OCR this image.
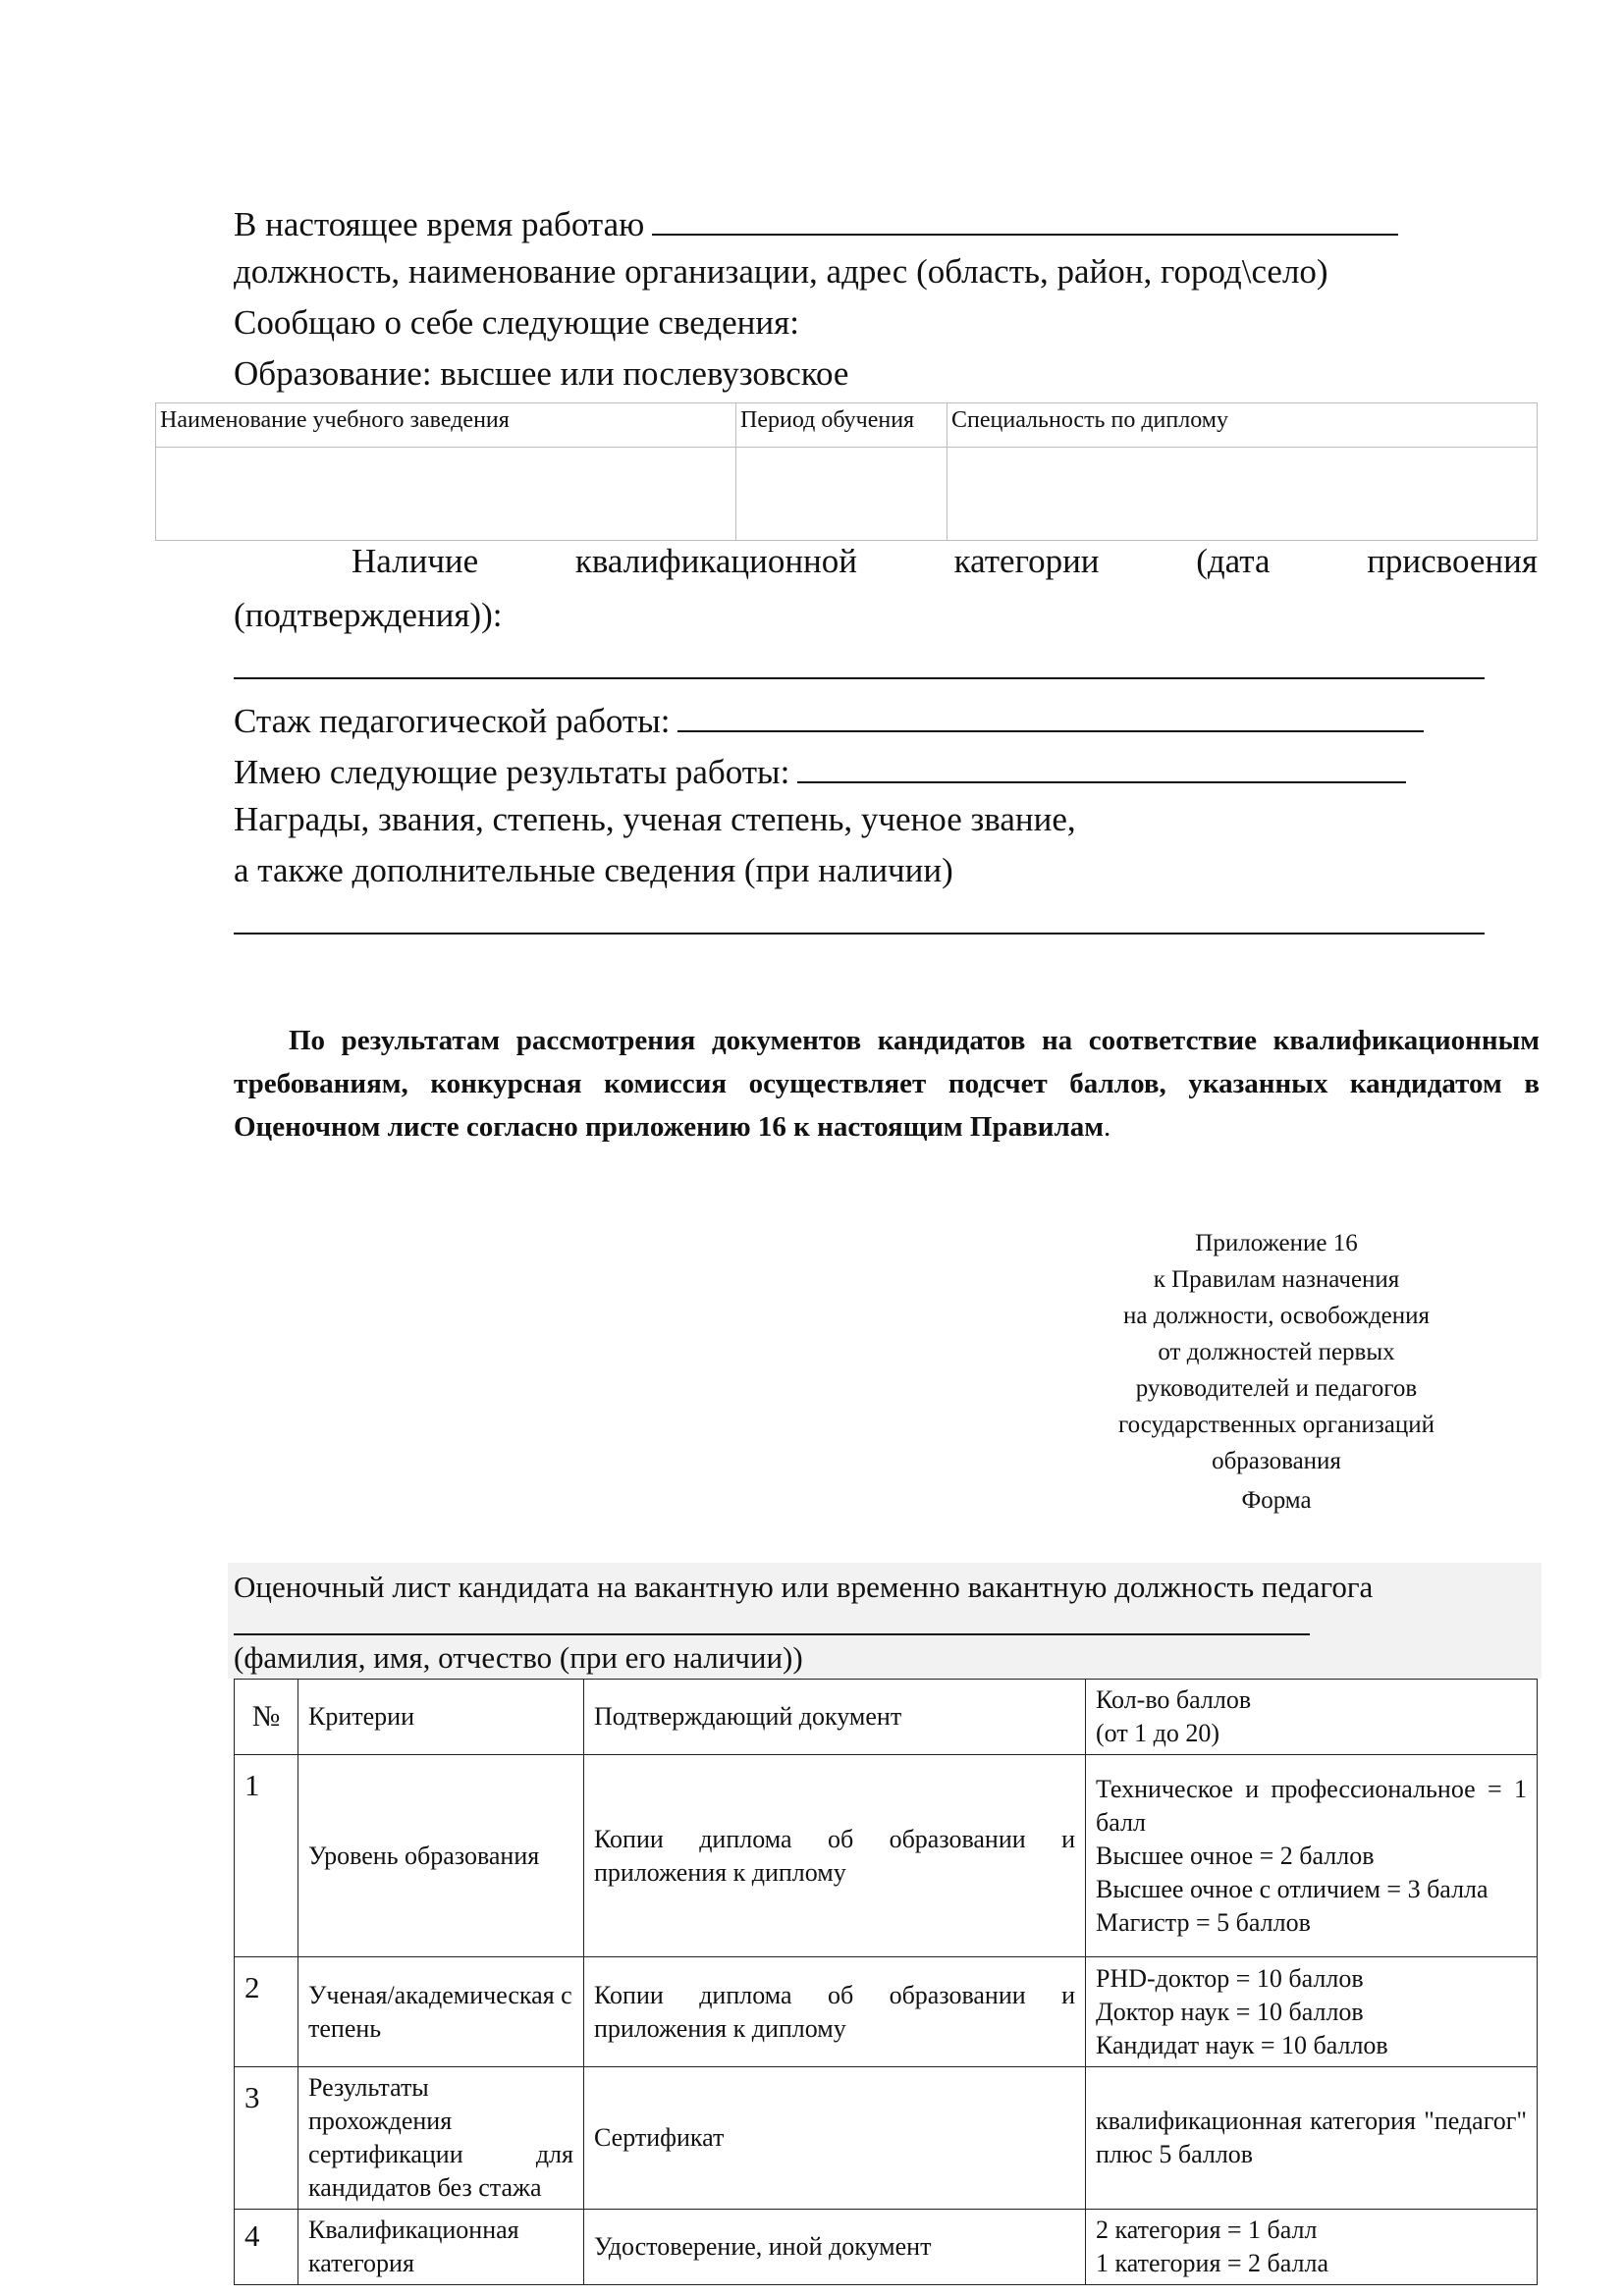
В настоящее время работаю
должность, наименование организации, адрес (область, район, город\село)
Сообщаю о себе следующие сведения:
Образование: высшее или послевузовское
Наименование учебного заведения	Период обучения	Специальность по диплому

Наличие	квалификационной	категории	(дата	присвоения
(подтверждения)):
Стаж педагогической работы:
Имею следующие результаты работы:
Награды, звания, степень, ученая степень, ученое звание,
а также дополнительные сведения (при наличии)
По результатам рассмотрения документов кандидатов на соответствие квалификационным требованиям, конкурсная комиссия осуществляет подсчет баллов, указанных кандидатом в Оценочном листе согласно приложению 16 к настоящим Правилам.
Приложение 16
к Правилам назначения
на должности, освобождения
от должностей первых
руководителей и педагогов
государственных организаций
образования
Форма
Оценочный лист кандидата на вакантную или временно вакантную должность педагога
(фамилия, имя, отчество (при его наличии))
№	Критерии	Подтверждающий документ	Кол-во баллов
(от 1 до 20)

1	Уровень образования	Копии диплома об образовании и приложения к диплому	Техническое и профессиональное = 1 балл
Высшее очное = 2 баллов
Высшее очное с отличием = 3 балла
Магистр = 5 баллов

2	Ученая/академическая степень	Копии диплома об образовании и приложения к диплому	PHD-доктор = 10 баллов
Доктор наук = 10 баллов
Кандидат наук = 10 баллов

3	Результаты прохождения сертификации для кандидатов без стажа	Сертификат	квалификационная категория "педагог" плюс 5 баллов

4	Квалификационная категория	Удостоверение, иной документ	2 категория = 1 балл
1 категория = 2 балла
